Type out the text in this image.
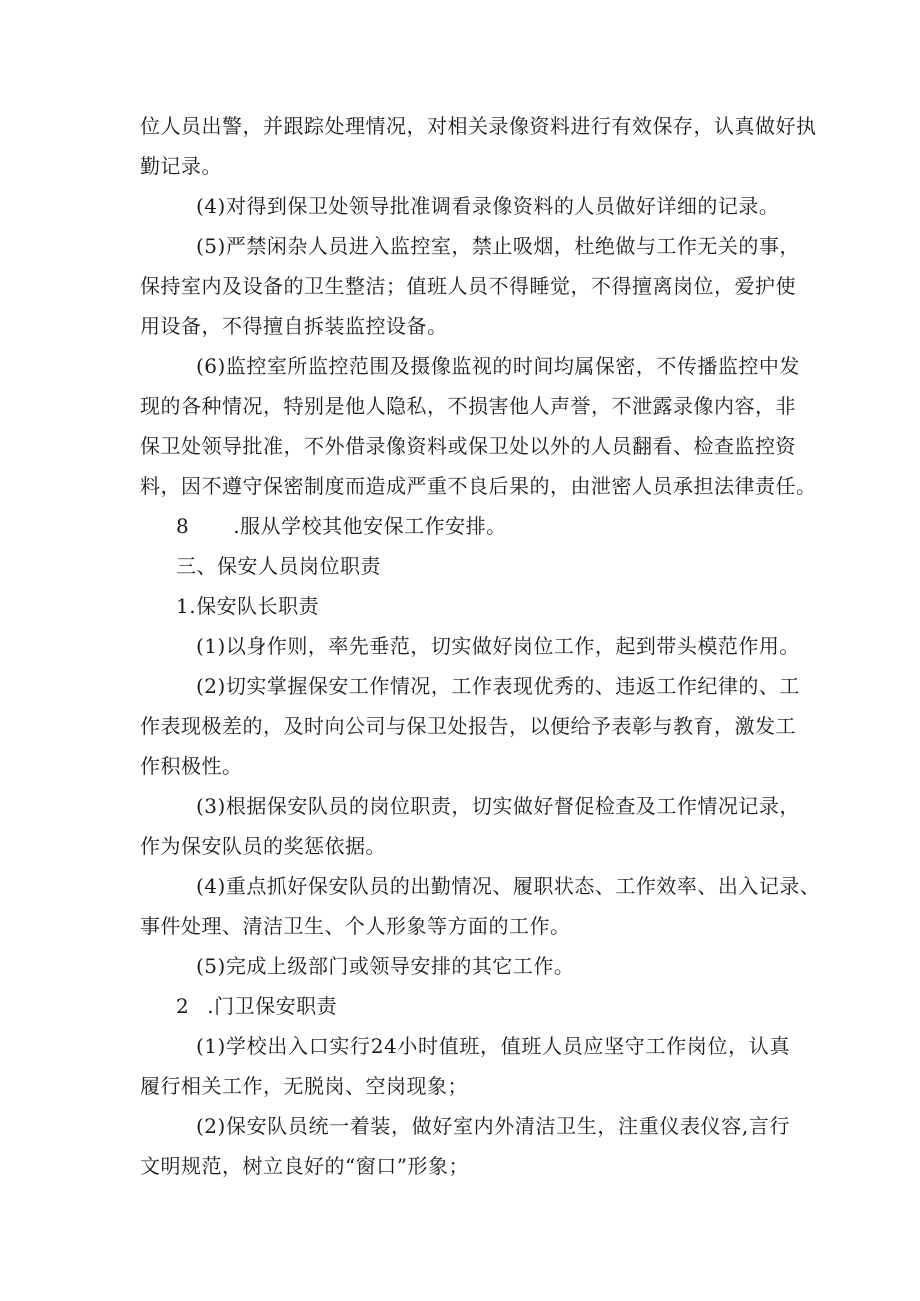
位人员出警，并跟踪处理情况，对相关录像资料进行有效保存，认真做好执
勤记录。
(4)对得到保卫处领导批准调看录像资料的人员做好详细的记录。
(5)严禁闲杂人员进入监控室，禁止吸烟，杜绝做与工作无关的事，
保持室内及设备的卫生整洁；值班人员不得睡觉，不得擅离岗位，爱护使
用设备，不得擅自拆装监控设备。
(6)监控室所监控范围及摄像监视的时间均属保密，不传播监控中发
现的各种情况，特别是他人隐私，不损害他人声誉，不泄露录像内容，非
保卫处领导批准，不外借录像资料或保卫处以外的人员翻看、检查监控资
料，因不遵守保密制度而造成严重不良后果的，由泄密人员承担法律责任。
8 .服从学校其他安保工作安排。
三、保安人员岗位职责
1.保安队长职责
(1)以身作则，率先垂范，切实做好岗位工作，起到带头模范作用。
(2)切实掌握保安工作情况，工作表现优秀的、违返工作纪律的、工
作表现极差的，及时向公司与保卫处报告，以便给予表彰与教育，激发工
作积极性。
(3)根据保安队员的岗位职责，切实做好督促检查及工作情况记录，
作为保安队员的奖惩依据。
(4)重点抓好保安队员的出勤情况、履职状态、工作效率、出入记录、
事件处理、清洁卫生、个人形象等方面的工作。
(5)完成上级部门或领导安排的其它工作。
2 .门卫保安职责
(1)学校出入口实行24小时值班，值班人员应坚守工作岗位，认真
履行相关工作，无脱岗、空岗现象；
(2)保安队员统一着装，做好室内外清洁卫生，注重仪表仪容,言行
文明规范，树立良好的“窗口”形象；
